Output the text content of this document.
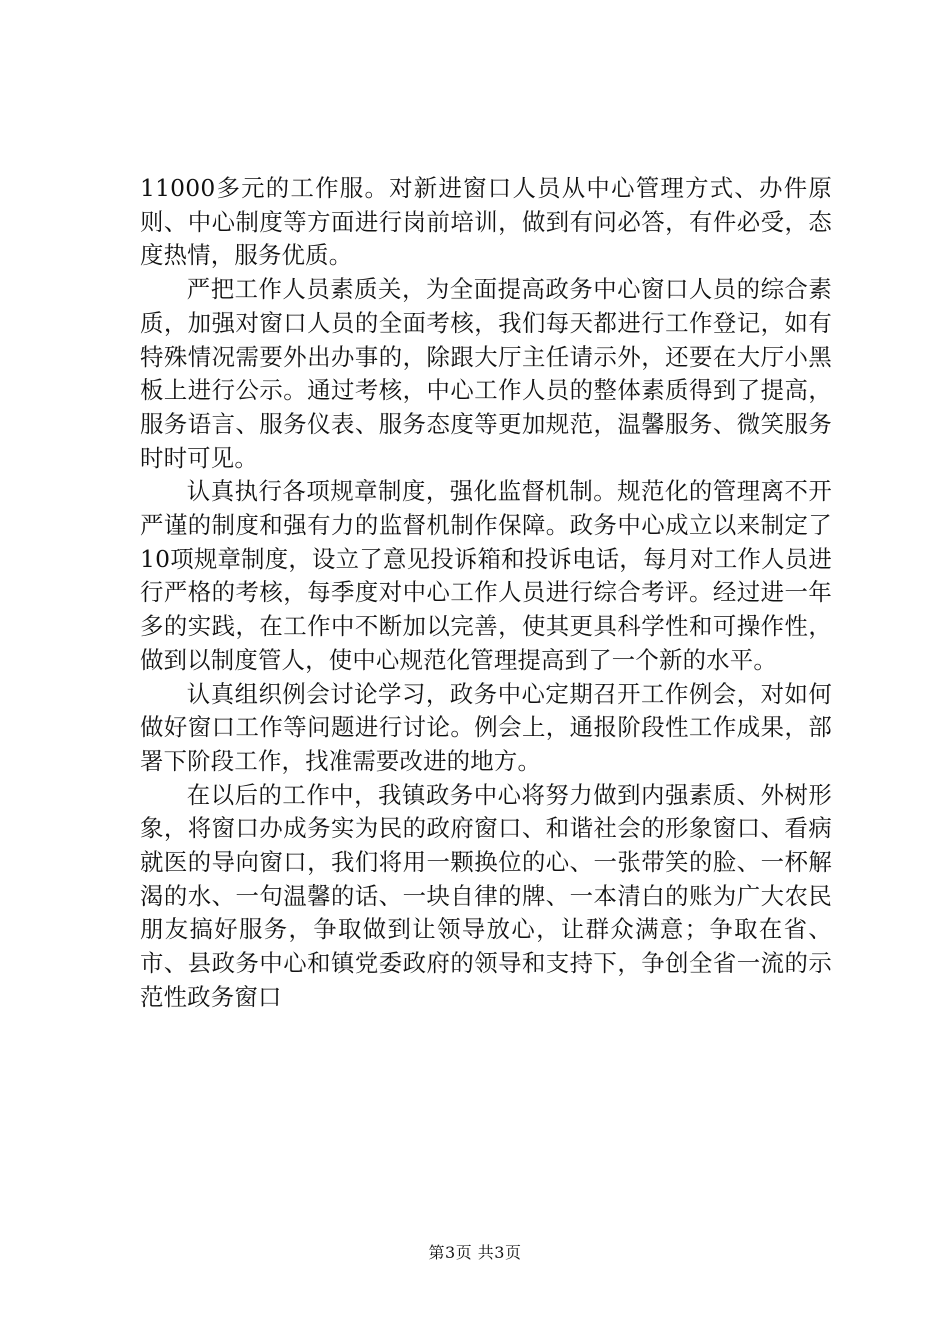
11000多元的工作服。对新进窗口人员从中心管理方式、办件原则、中心制度等方面进行岗前培训，做到有问必答，有件必受，态度热情，服务优质。

严把工作人员素质关，为全面提高政务中心窗口人员的综合素质，加强对窗口人员的全面考核，我们每天都进行工作登记，如有特殊情况需要外出办事的，除跟大厅主任请示外，还要在大厅小黑板上进行公示。通过考核，中心工作人员的整体素质得到了提高，服务语言、服务仪表、服务态度等更加规范，温馨服务、微笑服务时时可见。

认真执行各项规章制度，强化监督机制。规范化的管理离不开严谨的制度和强有力的监督机制作保障。政务中心成立以来制定了10项规章制度，设立了意见投诉箱和投诉电话，每月对工作人员进行严格的考核，每季度对中心工作人员进行综合考评。经过进一年多的实践，在工作中不断加以完善，使其更具科学性和可操作性，做到以制度管人，使中心规范化管理提高到了一个新的水平。

认真组织例会讨论学习，政务中心定期召开工作例会，对如何做好窗口工作等问题进行讨论。例会上，通报阶段性工作成果，部署下阶段工作，找准需要改进的地方。

在以后的工作中，我镇政务中心将努力做到内强素质、外树形象，将窗口办成务实为民的政府窗口、和谐社会的形象窗口、看病就医的导向窗口，我们将用一颗换位的心、一张带笑的脸、一杯解渴的水、一句温馨的话、一块自律的牌、一本清白的账为广大农民朋友搞好服务，争取做到让领导放心，让群众满意；争取在省、市、县政务中心和镇党委政府的领导和支持下，争创全省一流的示范性政务窗口

第3页 共3页
